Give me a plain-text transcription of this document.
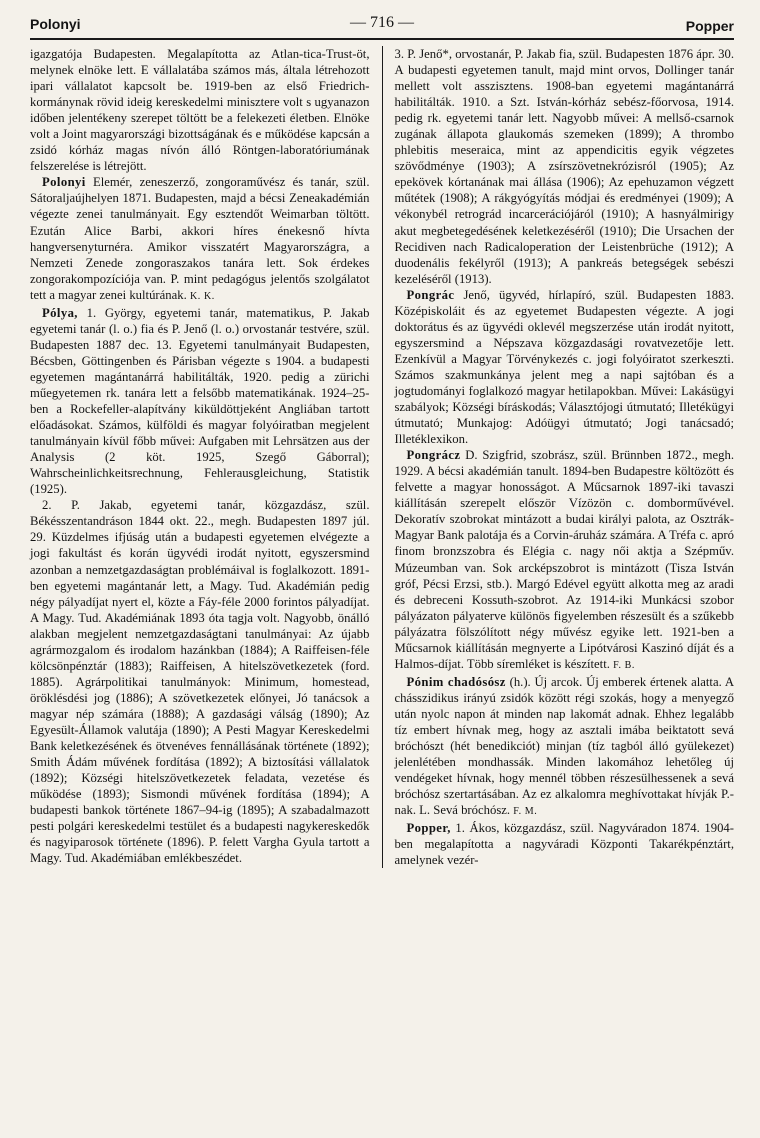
Polonyi	— 716 —	Popper

igazgatója Budapesten. Megalapította az Atlan-tica-Trust-öt, melynek elnöke lett. E vállalatába számos más, általa létrehozott ipari vállalatot kapcsolt be. 1919-ben az első Friedrich-kormánynak rövid ideig kereskedelmi minisztere volt s ugyanazon időben jelentékeny szerepet töltött be a felekezeti életben. Elnöke volt a Joint magyarországi bizottságának és e működése kapcsán a zsidó kórház magas nívón álló Röntgen-laboratóriumának felszerelése is létrejött.

Polonyi Elemér, zeneszerző, zongoraművész és tanár, szül. Sátoraljaújhelyen 1871. Budapesten, majd a bécsi Zeneakadémián végezte zenei tanulmányait. Egy esztendőt Weimarban töltött. Ezután Alice Barbi, akkori híres énekesnő hívta hangversenyturnéra. Amikor visszatért Magyarországra, a Nemzeti Zenede zongoraszakos tanára lett. Sok érdekes zongorakompozíciója van. P. mint pedagógus jelentős szolgálatot tett a magyar zenei kultúrának. K. K.

Pólya, 1. György, egyetemi tanár, matematikus, P. Jakab egyetemi tanár (l. o.) fia és P. Jenő (l. o.) orvostanár testvére, szül. Budapesten 1887 dec. 13. Egyetemi tanulmányait Budapesten, Bécsben, Göttingenben és Párisban végezte s 1904. a budapesti egyetemen magántanárrá habilitálták, 1920. pedig a zürichi műegyetemen rk. tanára lett a felsőbb matematikának. 1924–25-ben a Rockefeller-alapítvány kiküldöttjeként Angliában tartott előadásokat. Számos, külföldi és magyar folyóiratban megjelent tanulmányain kívül főbb művei: Aufgaben mit Lehrsätzen aus der Analysis (2 köt. 1925, Szegő Gáborral); Wahrscheinlichkeitsrechnung, Fehlerausgleichung, Statistik (1925).

2. P. Jakab, egyetemi tanár, közgazdász, szül. Békésszentandráson 1844 okt. 22., megh. Budapesten 1897 júl. 29. Küzdelmes ifjúság után a budapesti egyetemen elvégezte a jogi fakultást és korán ügyvédi irodát nyitott, egyszersmind azonban a nemzetgazdaságtan problémáival is foglalkozott. 1891-ben egyetemi magántanár lett, a Magy. Tud. Akadémián pedig négy pályadíjat nyert el, közte a Fáy-féle 2000 forintos pályadíjat. A Magy. Tud. Akadémiának 1893 óta tagja volt. Nagyobb, önálló alakban megjelent nemzetgazdaságtani tanulmányai: Az újabb agrármozgalom és irodalom hazánkban (1884); A Raiffeisen-féle kölcsönpénztár (1883); Raiffeisen, A hitelszövetkezetek (ford. 1885). Agrárpolitikai tanulmányok: Minimum, homestead, öröklésdési jog (1886); A szövetkezetek előnyei, Jó tanácsok a magyar nép számára (1888); A gazdasági válság (1890); Az Egyesült-Államok valutája (1890); A Pesti Magyar Kereskedelmi Bank keletkezésének és ötvenéves fennállásának története (1892); Smith Ádám művének fordítása (1892); A biztosítási vállalatok (1892); Községi hitelszövetkezetek feladata, vezetése és működése (1893); Sismondi művének fordítása (1894); A budapesti bankok története 1867–94-ig (1895); A szabadalmazott pesti polgári kereskedelmi testület és a budapesti nagykereskedők és nagyiparosok története (1896). P. felett Vargha Gyula tartott a Magy. Tud. Akadémiában emlékbeszédet.

3. P. Jenő*, orvostanár, P. Jakab fia, szül. Budapesten 1876 ápr. 30. A budapesti egyetemen tanult, majd mint orvos, Dollinger tanár mellett volt asszisztens. 1908-ban egyetemi magántanárrá habilitálták. 1910. a Szt. István-kórház sebész-főorvosa, 1914. pedig rk. egyetemi tanár lett. Nagyobb művei: A mellső-csarnok zugának állapota glaukomás szemeken (1899); A thrombo phlebitis meseraica, mint az appendicitis egyik végzetes szövődménye (1903); A zsírszövetnekrózisról (1905); Az epekövek kórtanának mai állása (1906); Az epehuzamon végzett műtétek (1908); A rákgyógyítás módjai és eredményei (1909); A vékonybél retrográd incarcerációjáról (1910); A hasnyálmirigy akut megbetegedésének keletkezéséről (1910); Die Ursachen der Recidiven nach Radicaloperation der Leistenbrüche (1912); A duodenális fekélyről (1913); A pankreás betegségek sebészi kezeléséről (1913).

Pongrác Jenő, ügyvéd, hírlapíró, szül. Budapesten 1883. Középiskoláit és az egyetemet Budapesten végezte. A jogi doktorátus és az ügyvédi oklevél megszerzése után irodát nyitott, egyszersmind a Népszava közgazdasági rovatvezetője lett. Ezenkívül a Magyar Törvénykezés c. jogi folyóiratot szerkeszti. Számos szakmunkánya jelent meg a napi sajtóban és a jogtudományi foglalkozó magyar hetilapokban. Művei: Lakásügyi szabályok; Községi bíráskodás; Választójogi útmutató; Illetékügyi útmutató; Munkajog: Adóügyi útmutató; Jogi tanácsadó; Illetéklexikon.

Pongrácz D. Szigfrid, szobrász, szül. Brünnben 1872., megh. 1929. A bécsi akadémián tanult. 1894-ben Budapestre költözött és felvette a magyar honosságot. A Műcsarnok 1897-iki tavaszi kiállításán szerepelt először Vízözön c. domborművével. Dekoratív szobrokat mintázott a budai királyi palota, az Osztrák-Magyar Bank palotája és a Corvin-áruház számára. A Tréfa c. apró finom bronzszobra és Elégia c. nagy női aktja a Szépműv. Múzeumban van. Sok arcképszobrot is mintázott (Tisza István gróf, Pécsi Erzsi, stb.). Margó Edével együtt alkotta meg az aradi és debreceni Kossuth-szobrot. Az 1914-iki Munkácsi szobor pályázaton pályaterve különös figyelemben részesült és a szűkebb pályázatra fölszólított négy művész egyike lett. 1921-ben a Műcsarnok kiállításán megnyerte a Lipótvárosi Kaszinó díját és a Halmos-díjat. Több síremléket is készített. F. B.

Pónim chadósósz (h.). Új arcok. Új emberek értenek alatta. A chásszidikus irányú zsidók között régi szokás, hogy a menyegző után nyolc napon át minden nap lakomát adnak. Ehhez legalább tíz embert hívnak meg, hogy az asztali imába beiktatott sevá bróchószt (hét benedikciót) minjan (tíz tagból álló gyülekezet) jelenlétében mondhassák. Minden lakomához lehetőleg új vendégeket hívnak, hogy mennél többen részesülhessenek a sevá bróchósz szertartásában. Az ez alkalomra meghívottakat hívják P.-nak. L. Sevá bróchósz. F. M.

Popper, 1. Ákos, közgazdász, szül. Nagyváradon 1874. 1904-ben megalapította a nagyváradi Központi Takarékpénztárt, amelynek vezér-
